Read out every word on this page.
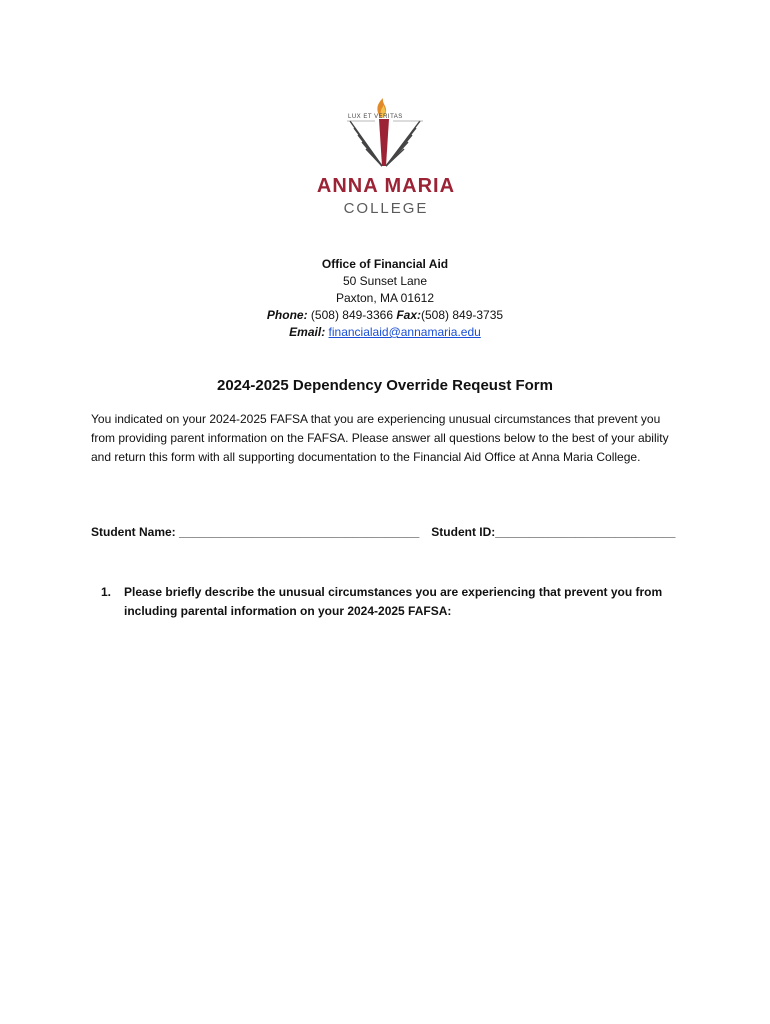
LUX ET VERITAS
ANNA MARIA
COLLEGE
Office of Financial Aid
50 Sunset Lane
Paxton, MA 01612
Phone: (508) 849-3366 Fax:(508) 849-3735
Email: financialaid@annamaria.edu
2024-2025 Dependency Override Reqeust Form
You indicated on your 2024-2025 FAFSA that you are experiencing unusual circumstances that prevent you from providing parent information on the FAFSA. Please answer all questions below to the best of your ability and return this form with all supporting documentation to the Financial Aid Office at Anna Maria College.
Student Name: ____________________________________ Student ID:___________________________
1. Please briefly describe the unusual circumstances you are experiencing that prevent you from including parental information on your 2024-2025 FAFSA:
